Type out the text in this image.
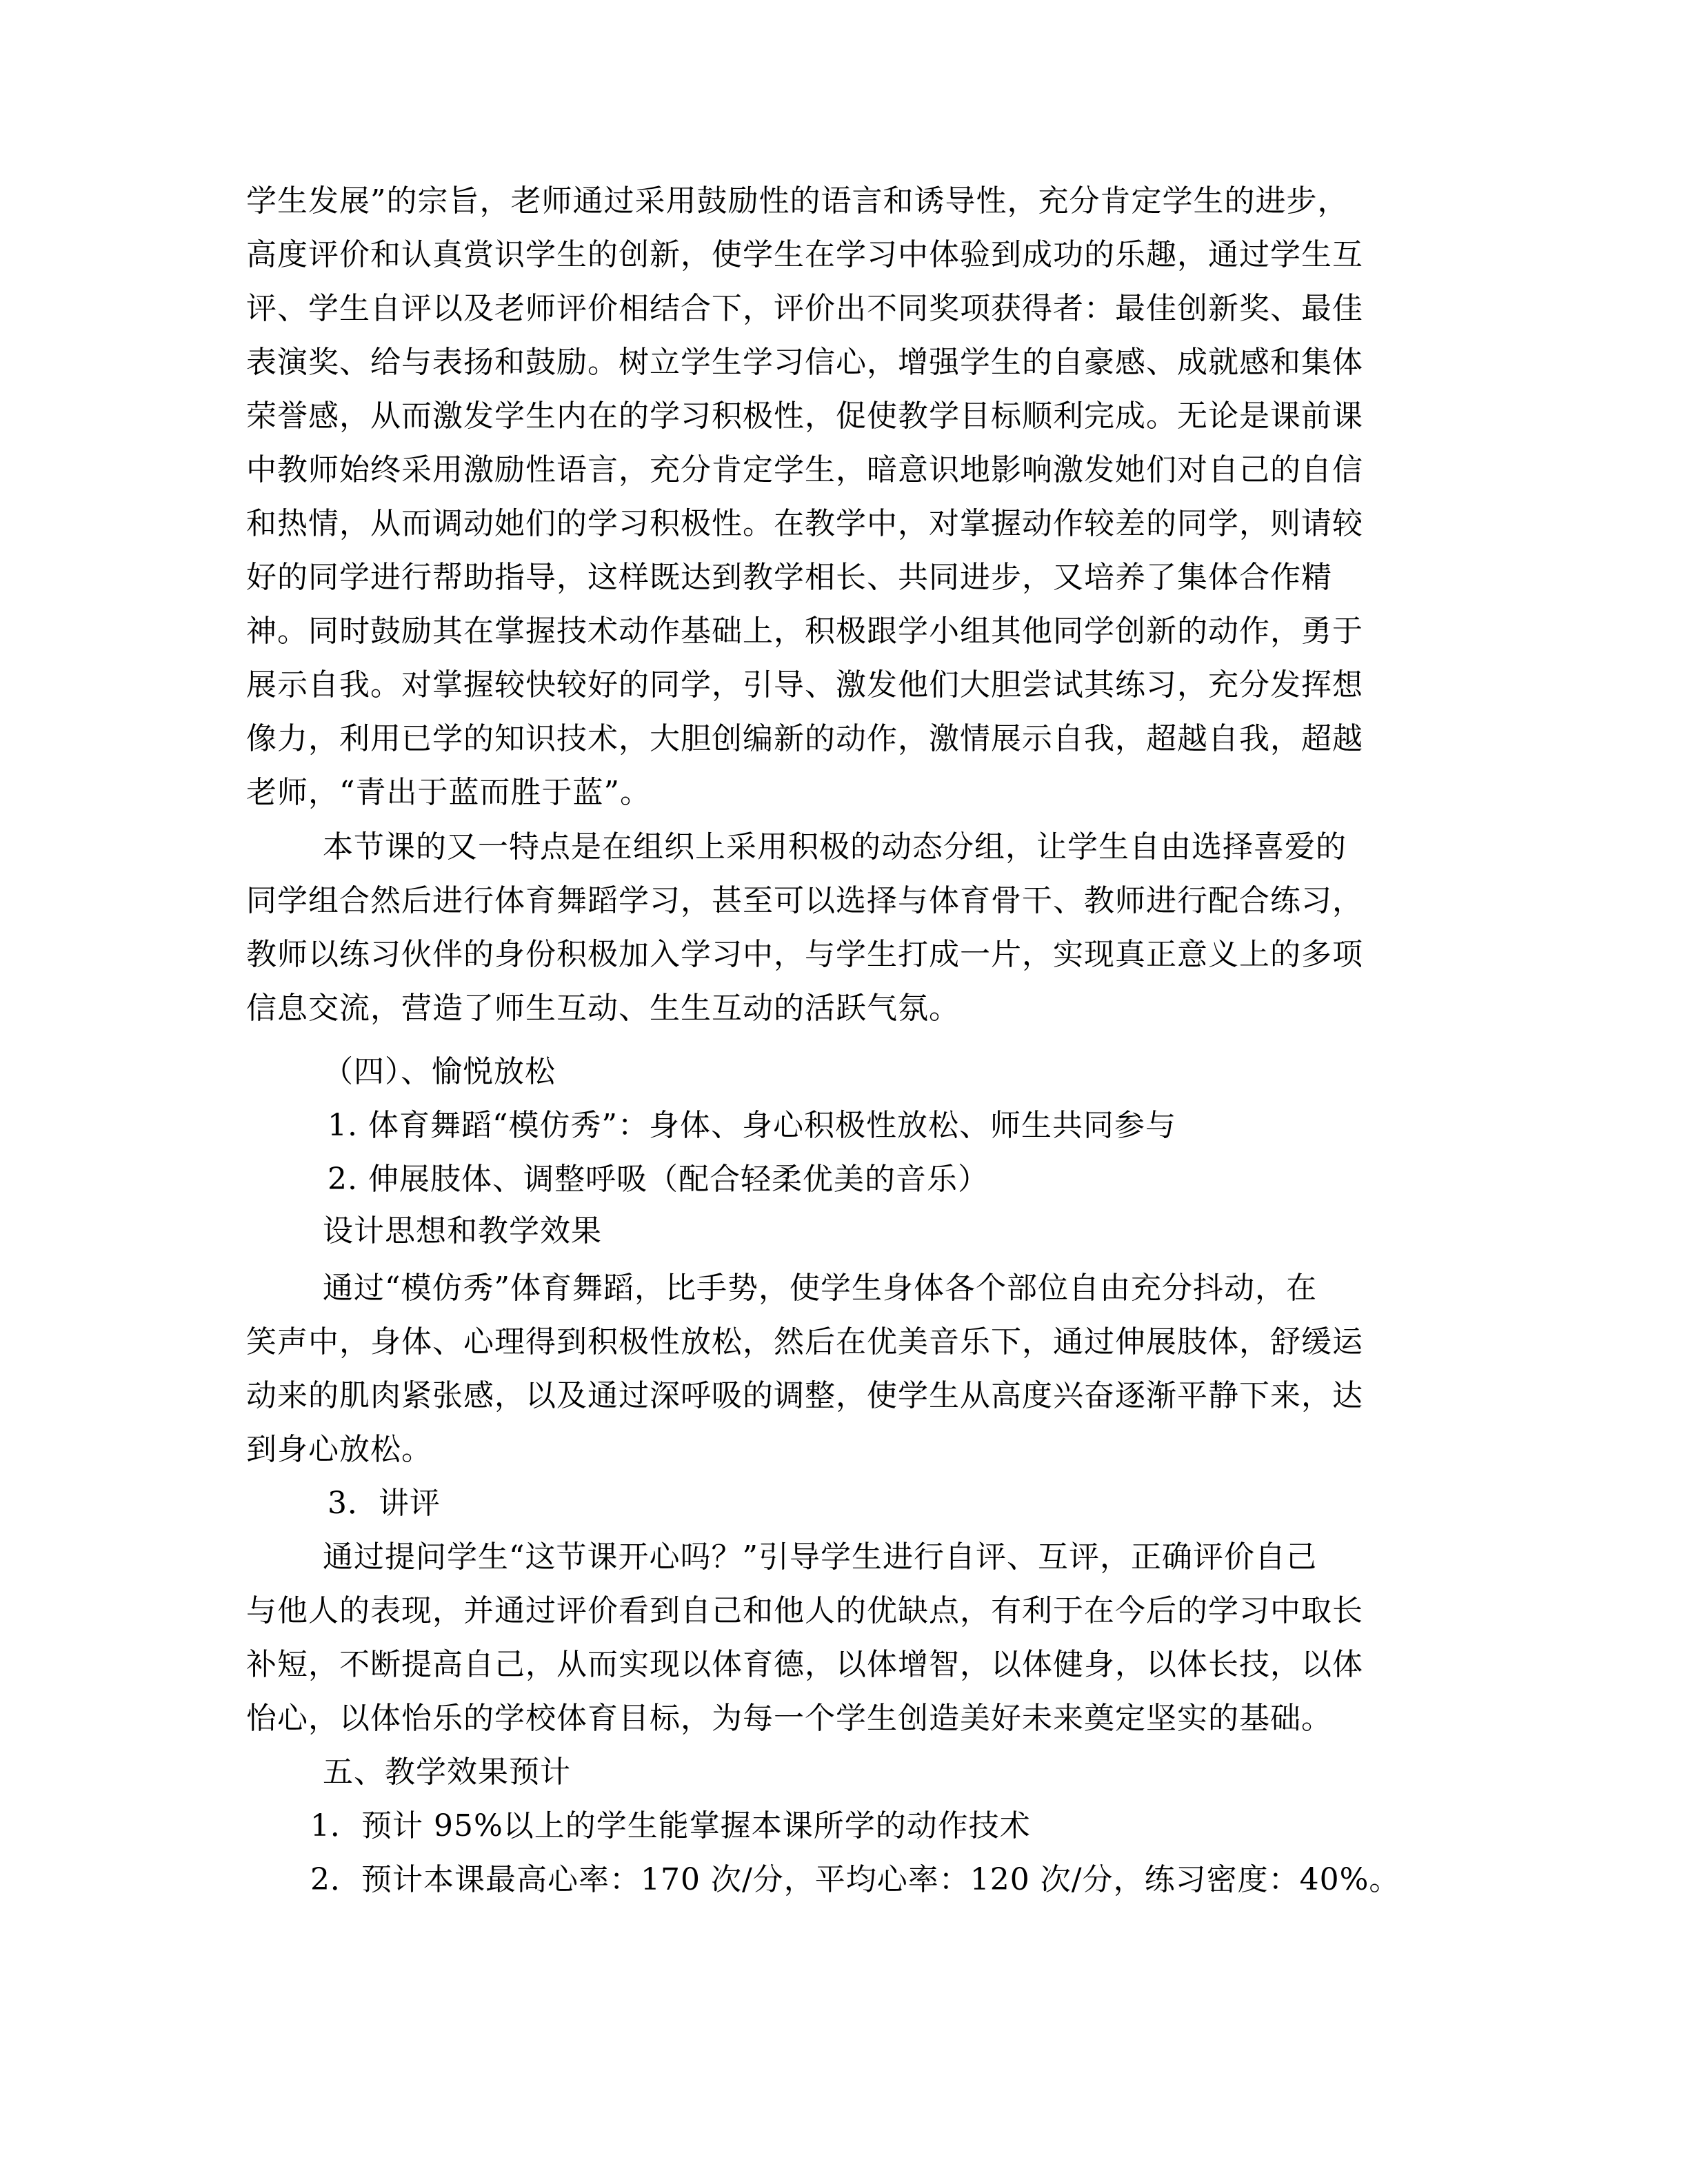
学生发展”的宗旨，老师通过采用鼓励性的语言和诱导性，充分肯定学生的进步，
高度评价和认真赏识学生的创新，使学生在学习中体验到成功的乐趣，通过学生互
评、学生自评以及老师评价相结合下，评价出不同奖项获得者：最佳创新奖、最佳
表演奖、给与表扬和鼓励。树立学生学习信心，增强学生的自豪感、成就感和集体
荣誉感，从而激发学生内在的学习积极性，促使教学目标顺利完成。无论是课前课
中教师始终采用激励性语言，充分肯定学生，暗意识地影响激发她们对自己的自信
和热情，从而调动她们的学习积极性。在教学中，对掌握动作较差的同学，则请较
好的同学进行帮助指导，这样既达到教学相长、共同进步，又培养了集体合作精
神。同时鼓励其在掌握技术动作基础上，积极跟学小组其他同学创新的动作，勇于
展示自我。对掌握较快较好的同学，引导、激发他们大胆尝试其练习，充分发挥想
像力，利用已学的知识技术，大胆创编新的动作，激情展示自我，超越自我，超越
老师，“青出于蓝而胜于蓝”。
本节课的又一特点是在组织上采用积极的动态分组，让学生自由选择喜爱的
同学组合然后进行体育舞蹈学习，甚至可以选择与体育骨干、教师进行配合练习，
教师以练习伙伴的身份积极加入学习中，与学生打成一片，实现真正意义上的多项
信息交流，营造了师生互动、生生互动的活跃气氛。
（四）、愉悦放松
1. 体育舞蹈“模仿秀”：身体、身心积极性放松、师生共同参与
2. 伸展肢体、调整呼吸（配合轻柔优美的音乐）
设计思想和教学效果
通过“模仿秀”体育舞蹈，比手势，使学生身体各个部位自由充分抖动，在
笑声中，身体、心理得到积极性放松，然后在优美音乐下，通过伸展肢体，舒缓运
动来的肌肉紧张感，以及通过深呼吸的调整，使学生从高度兴奋逐渐平静下来，达
到身心放松。
3．讲评
通过提问学生“这节课开心吗？”引导学生进行自评、互评，正确评价自己
与他人的表现，并通过评价看到自己和他人的优缺点，有利于在今后的学习中取长
补短，不断提高自己，从而实现以体育德，以体增智，以体健身，以体长技，以体
怡心，以体怡乐的学校体育目标，为每一个学生创造美好未来奠定坚实的基础。
五、教学效果预计
1．预计 95%以上的学生能掌握本课所学的动作技术
2．预计本课最高心率：170 次/分，平均心率：120 次/分，练习密度：40%。
